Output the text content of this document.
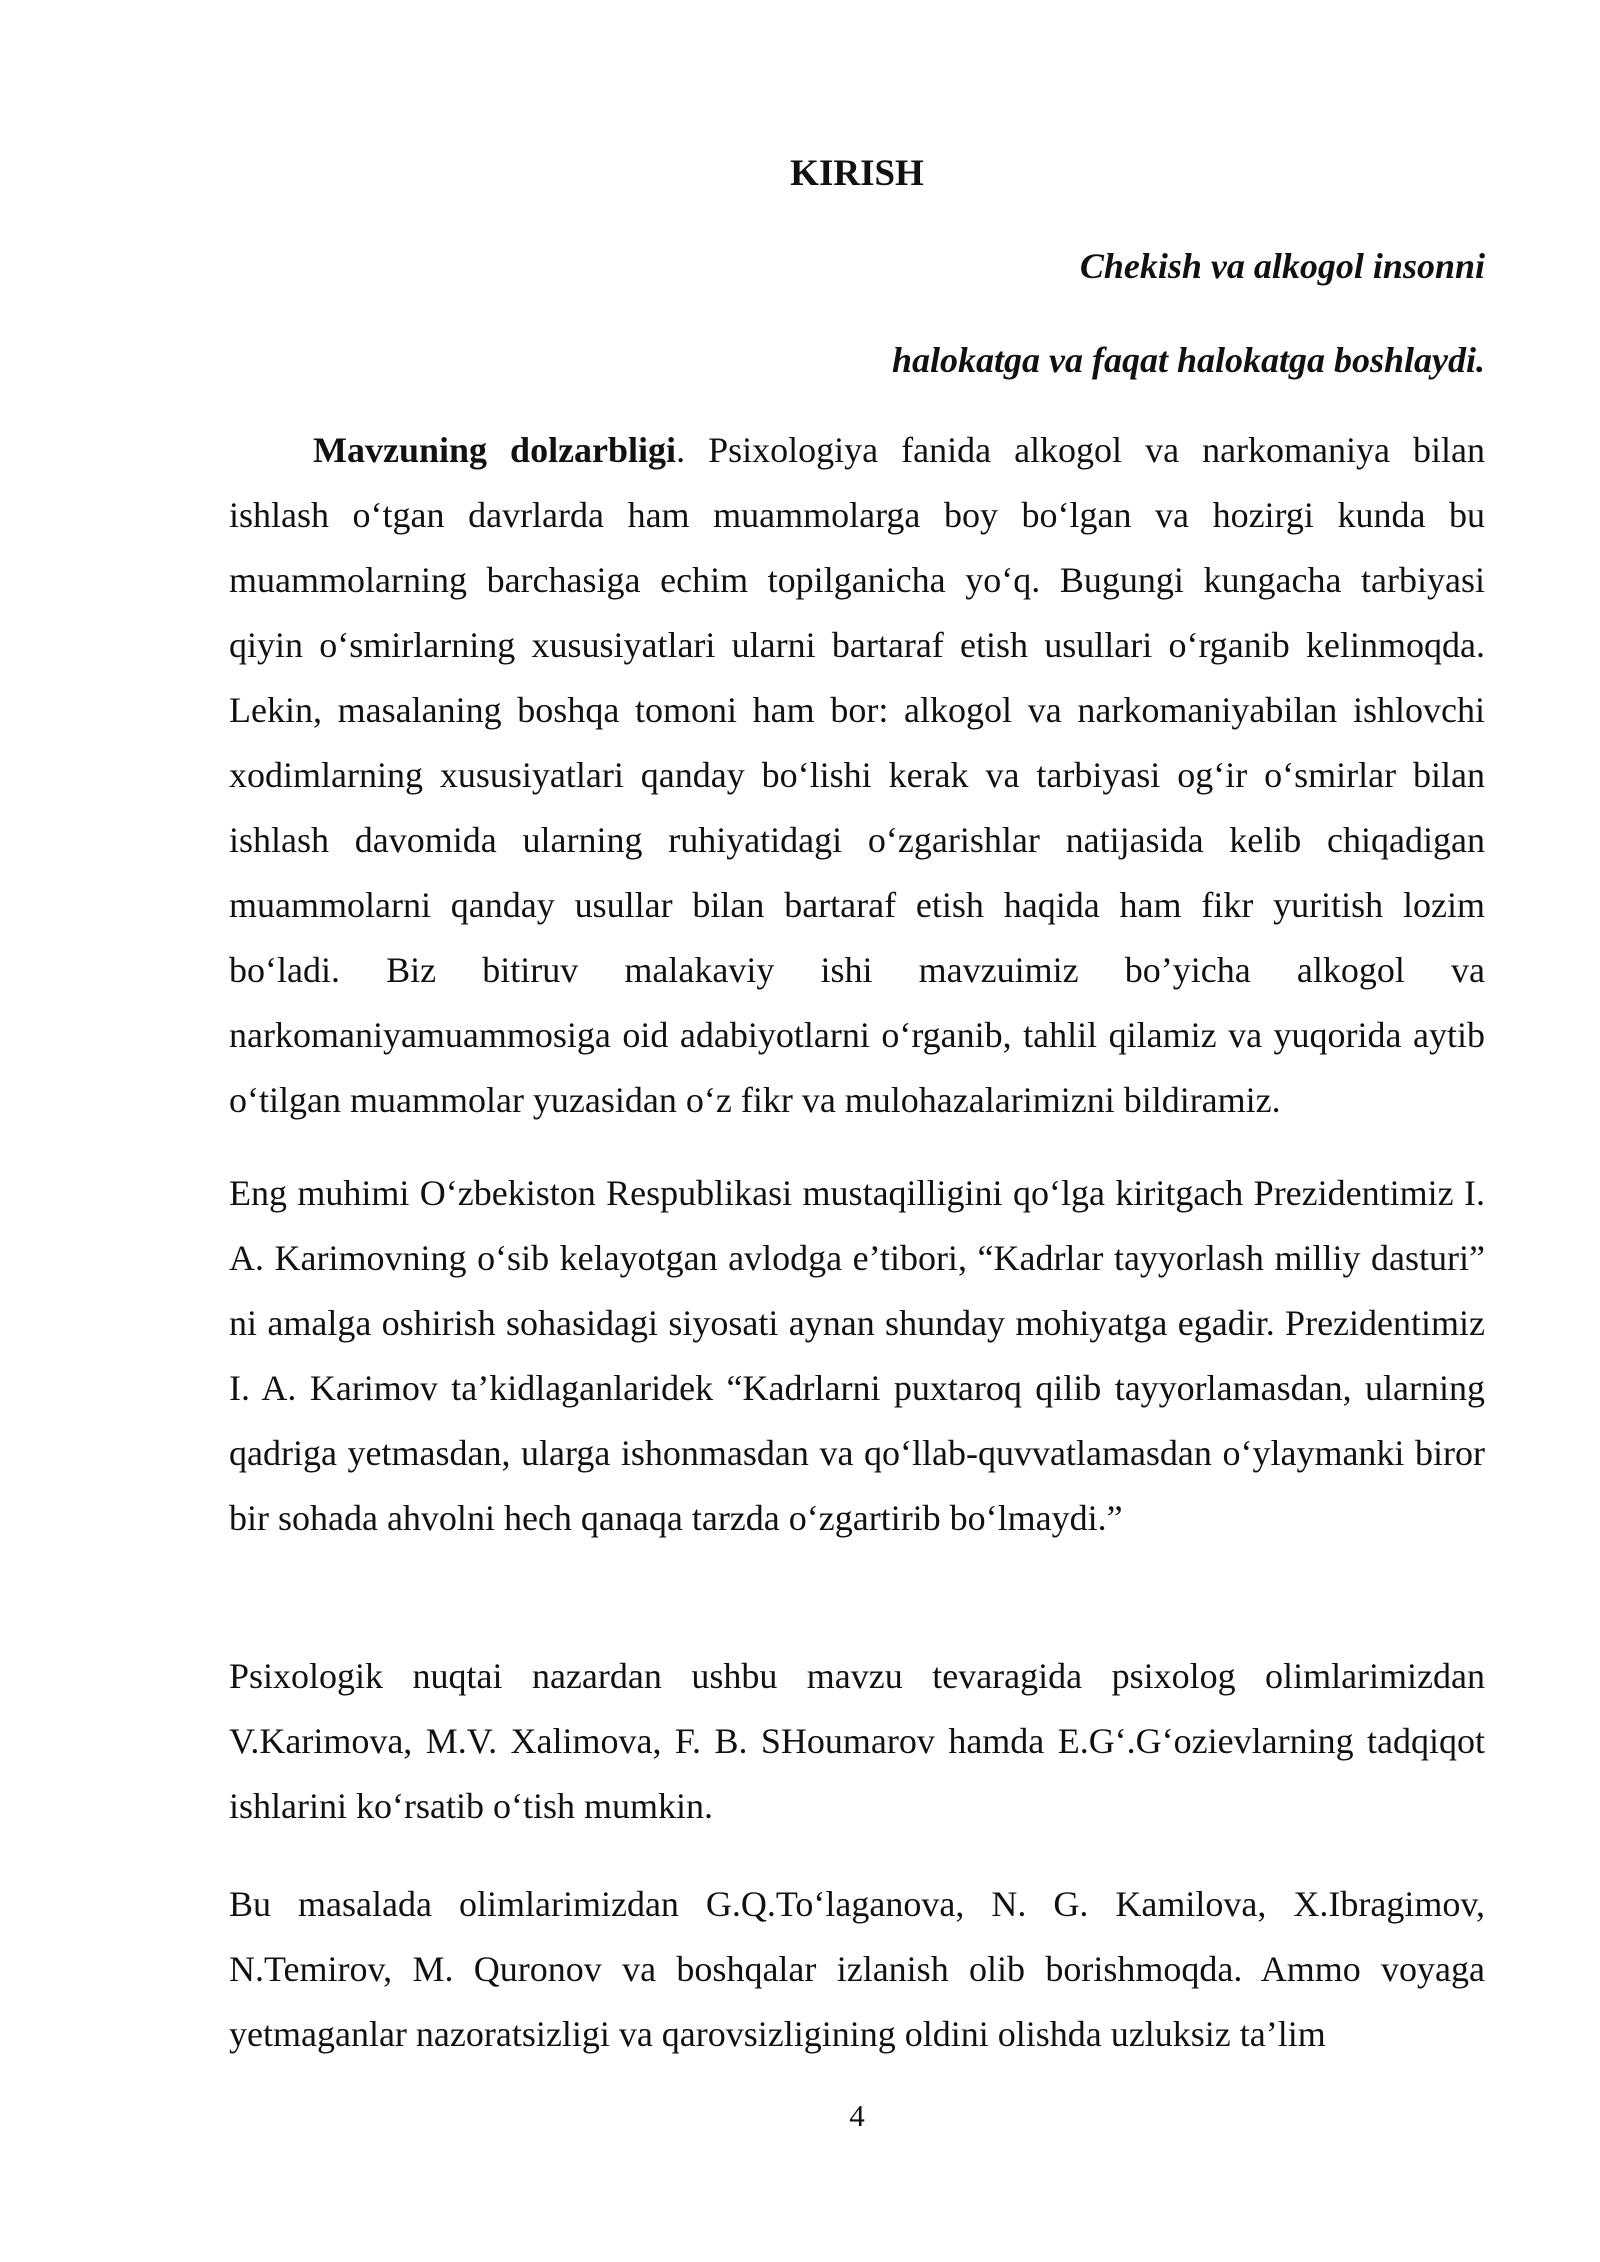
KIRISH

Chekish va alkogol insonni

halokatga va faqat halokatga boshlaydi.

Mavzuning dolzarbligi. Psixologiya fanida alkogol va narkomaniya bilan ishlash o‘tgan davrlarda ham muammolarga boy bo‘lgan va hozirgi kunda bu muammolarning barchasiga echim topilganicha yo‘q. Bugungi kungacha tarbiyasi qiyin o‘smirlarning xususiyatlari ularni bartaraf etish usullari o‘rganib kelinmoqda. Lekin, masalaning boshqa tomoni ham bor: alkogol va narkomaniyabilan ishlovchi xodimlarning xususiyatlari qanday bo‘lishi kerak va tarbiyasi og‘ir o‘smirlar bilan ishlash davomida ularning ruhiyatidagi o‘zgarishlar natijasida kelib chiqadigan muammolarni qanday usullar bilan bartaraf etish haqida ham fikr yuritish lozim bo‘ladi. Biz bitiruv malakaviy ishi mavzuimiz bo’yicha alkogol va narkomaniyamuammosiga oid adabiyotlarni o‘rganib, tahlil qilamiz va yuqorida aytib o‘tilgan muammolar yuzasidan o‘z fikr va mulohazalarimizni bildiramiz.

Eng muhimi O‘zbekiston Respublikasi mustaqilligini qo‘lga kiritgach Prezidentimiz I. A. Karimovning o‘sib kelayotgan avlodga e’tibori, “Kadrlar tayyorlash milliy dasturi” ni amalga oshirish sohasidagi siyosati aynan shunday mohiyatga egadir. Prezidentimiz I. A. Karimov ta’kidlaganlaridek “Kadrlarni puxtaroq qilib tayyorlamasdan, ularning qadriga yetmasdan, ularga ishonmasdan va qo‘llab-quvvatlamasdan o‘ylaymanki biror bir sohada ahvolni hech qanaqa tarzda o‘zgartirib bo‘lmaydi.”

Psixologik nuqtai nazardan ushbu mavzu tevaragida psixolog olimlarimizdan V.Karimova, M.V. Xalimova, F. B. SHoumarov hamda E.G‘.G‘ozievlarning tadqiqot ishlarini ko‘rsatib o‘tish mumkin.

Bu masalada olimlarimizdan G.Q.To‘laganova, N. G. Kamilova, X.Ibragimov, N.Temirov, M. Quronov va boshqalar izlanish olib borishmoqda. Ammo voyaga yetmaganlar nazoratsizligi va qarovsizligining oldini olishda uzluksiz ta’lim

4
